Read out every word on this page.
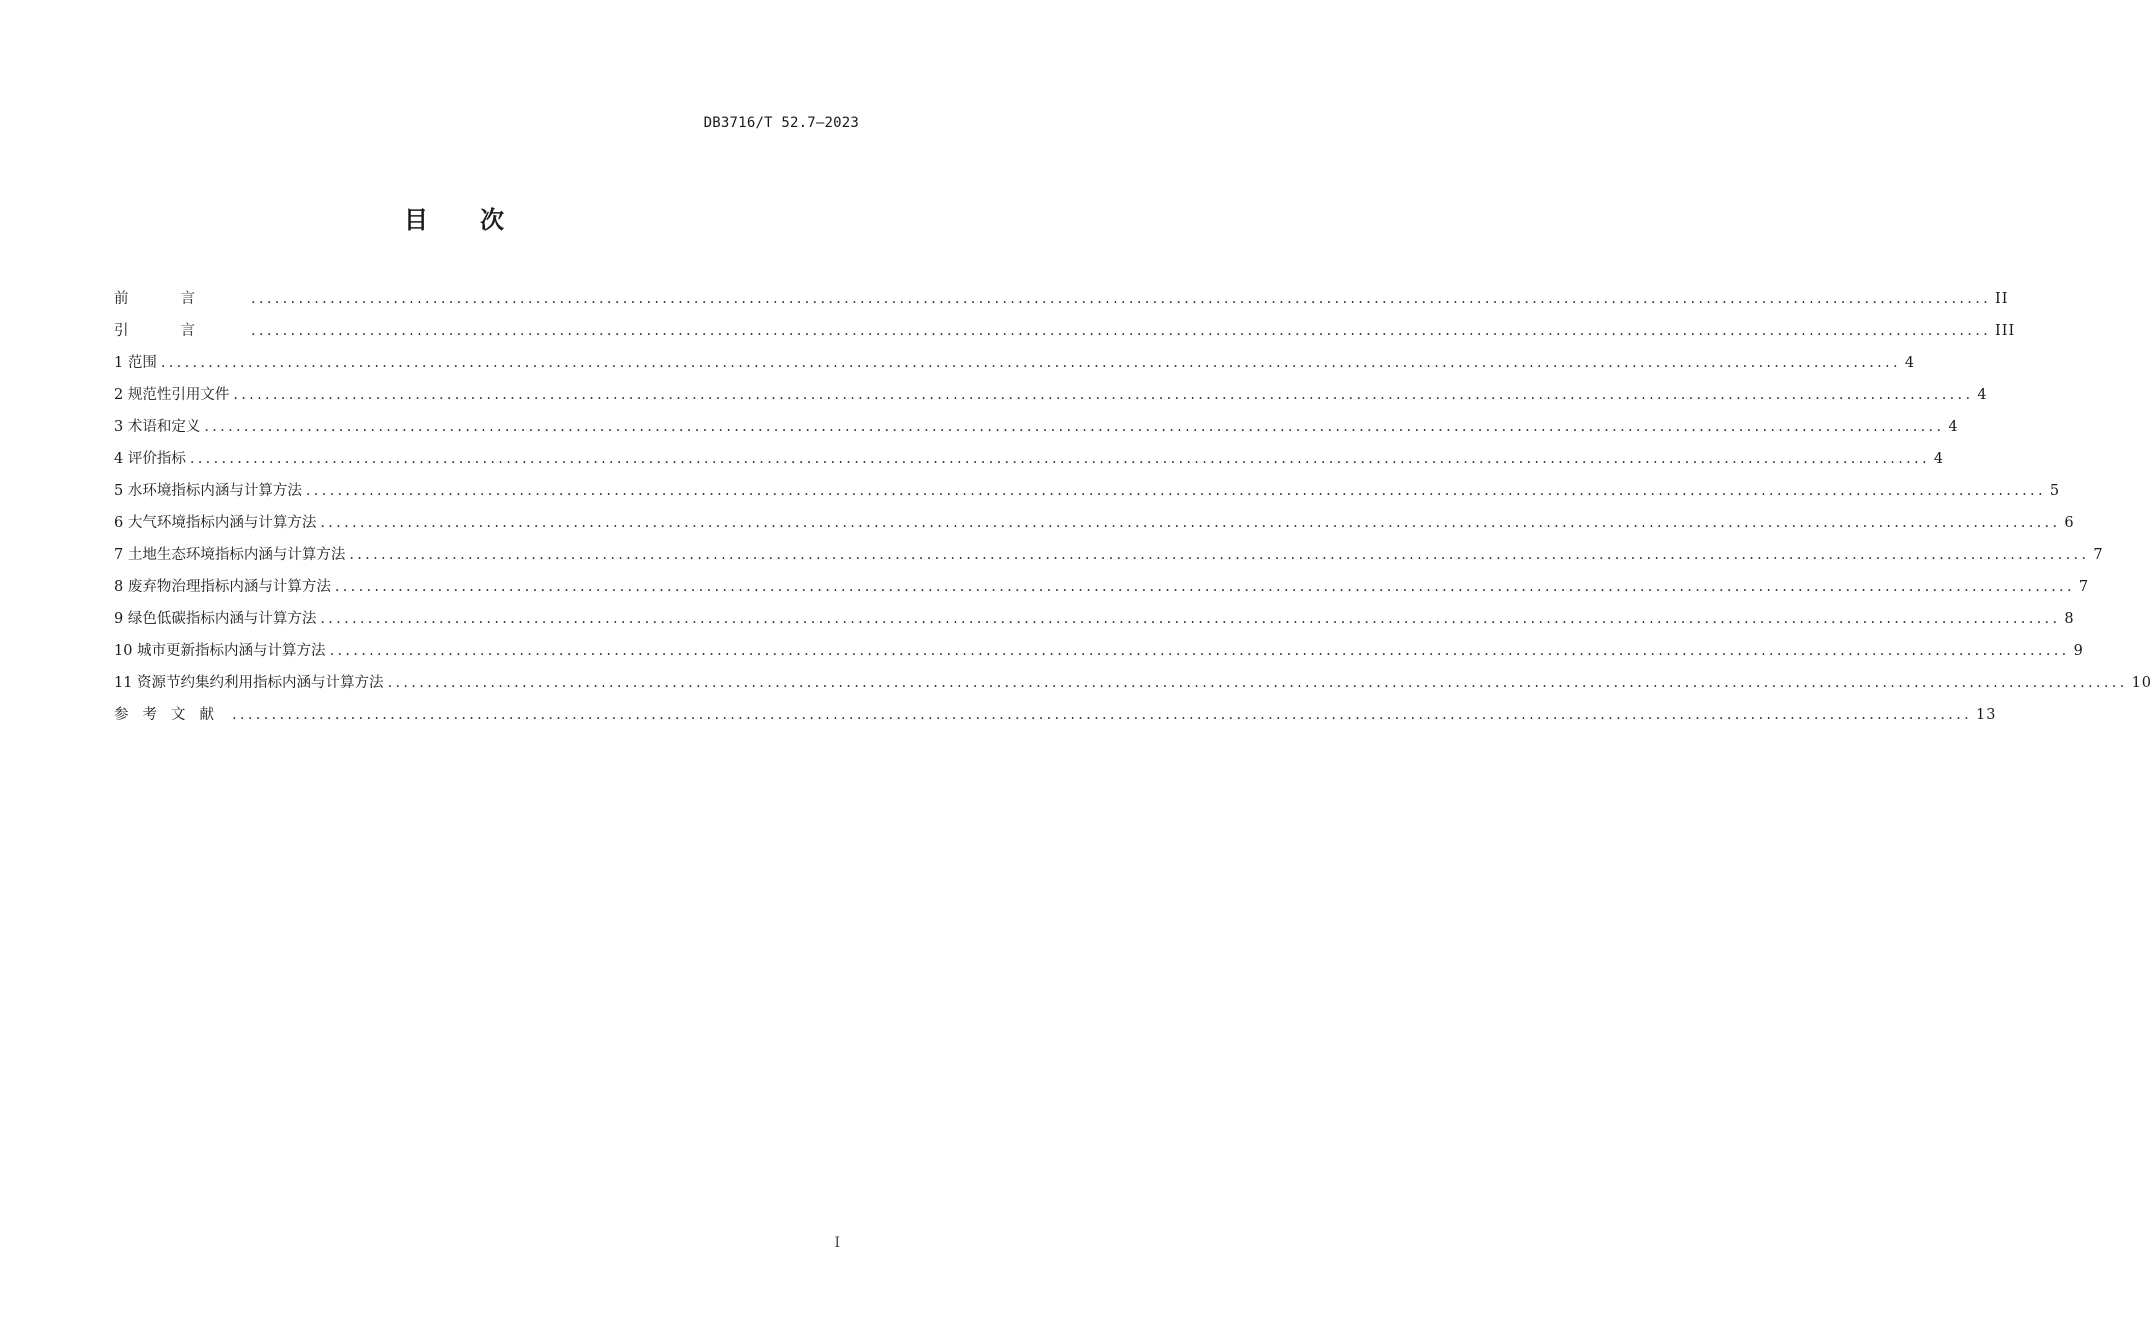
DB3716/T 52.7—2023
目次
前言 ............................................................................................................................................................................................................................ II
引言 ............................................................................................................................................................................................................................ III
1 范围 ............................................................................................................................................................................................................................ 4
2 规范性引用文件 ............................................................................................................................................................................................................................ 4
3 术语和定义 ............................................................................................................................................................................................................................ 4
4 评价指标 ............................................................................................................................................................................................................................ 4
5 水环境指标内涵与计算方法 ............................................................................................................................................................................................................................ 5
6 大气环境指标内涵与计算方法 ............................................................................................................................................................................................................................ 6
7 土地生态环境指标内涵与计算方法 ............................................................................................................................................................................................................................ 7
8 废弃物治理指标内涵与计算方法 ............................................................................................................................................................................................................................ 7
9 绿色低碳指标内涵与计算方法 ............................................................................................................................................................................................................................ 8
10 城市更新指标内涵与计算方法 ............................................................................................................................................................................................................................ 9
11 资源节约集约利用指标内涵与计算方法 ............................................................................................................................................................................................................................ 10
参考文献 ............................................................................................................................................................................................................................ 13
I
